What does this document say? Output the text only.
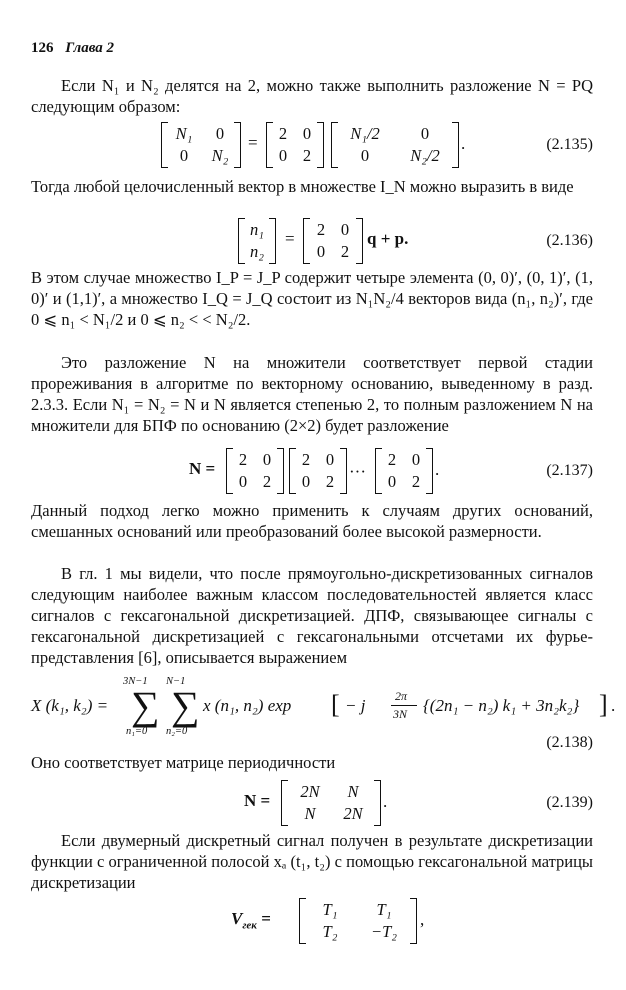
126 Глава 2
Если N₁ и N₂ делятся на 2, можно также выполнить разложение N = PQ следующим образом:
N₁	0
0	N₂
=	2 0
0 2
N₁/2	0
0	N₂/2
.	(2.135)
Тогда любой целочисленный вектор в множестве I_N можно выразить в виде
n₁
n₂
=	2 0
0 2
q + p.	(2.136)
В этом случае множество I_P = J_P содержит четыре элемента (0, 0)′, (0, 1)′, (1, 0)′ и (1,1)′, а множество I_Q = J_Q состоит из N₁N₂/4 векторов вида (n₁, n₂)′, где 0 ⩽ n₁ < N₁/2 и 0 ⩽ n₂ < < N₂/2.
Это разложение N на множители соответствует первой стадии прореживания в алгоритме по векторному основанию, выведенному в разд. 2.3.3. Если N₁ = N₂ = N и N является степенью 2, то полным разложением N на множители для БПФ по основанию (2×2) будет разложение
N =	2 0
0 2
2 0
0 2
···
2 0
0 2
.	(2.137)
Данный подход легко можно применить к случаям других оснований, смешанных оснований или преобразований более высокой размерности.
В гл. 1 мы видели, что после прямоугольно-дискретизованных сигналов следующим наиболее важным классом последовательностей является класс сигналов с гексагональной дискретизацией. ДПФ, связывающее сигналы с гексагональной дискретизацией с гексагональными отсчетами их фурье-представления [6], описывается выражением
X (k₁, k₂) =
3N−1
∑
n₁=0
N−1
∑
n₂=0
x (n₁, n₂) exp [ − j 2π
3N {(2n₁ − n₂) k₁ + 3n₂k₂} ] .
(2.138)
Оно соответствует матрице периодичности
N =	2N	N
N	2N
.	(2.139)
Если двумерный дискретный сигнал получен в результате дискретизации функции с ограниченной полосой xₐ (t₁, t₂) с помощью гексагональной матрицы дискретизации
$V_{гек}$ =	T₁	T₁
T₂	−T₂
,
